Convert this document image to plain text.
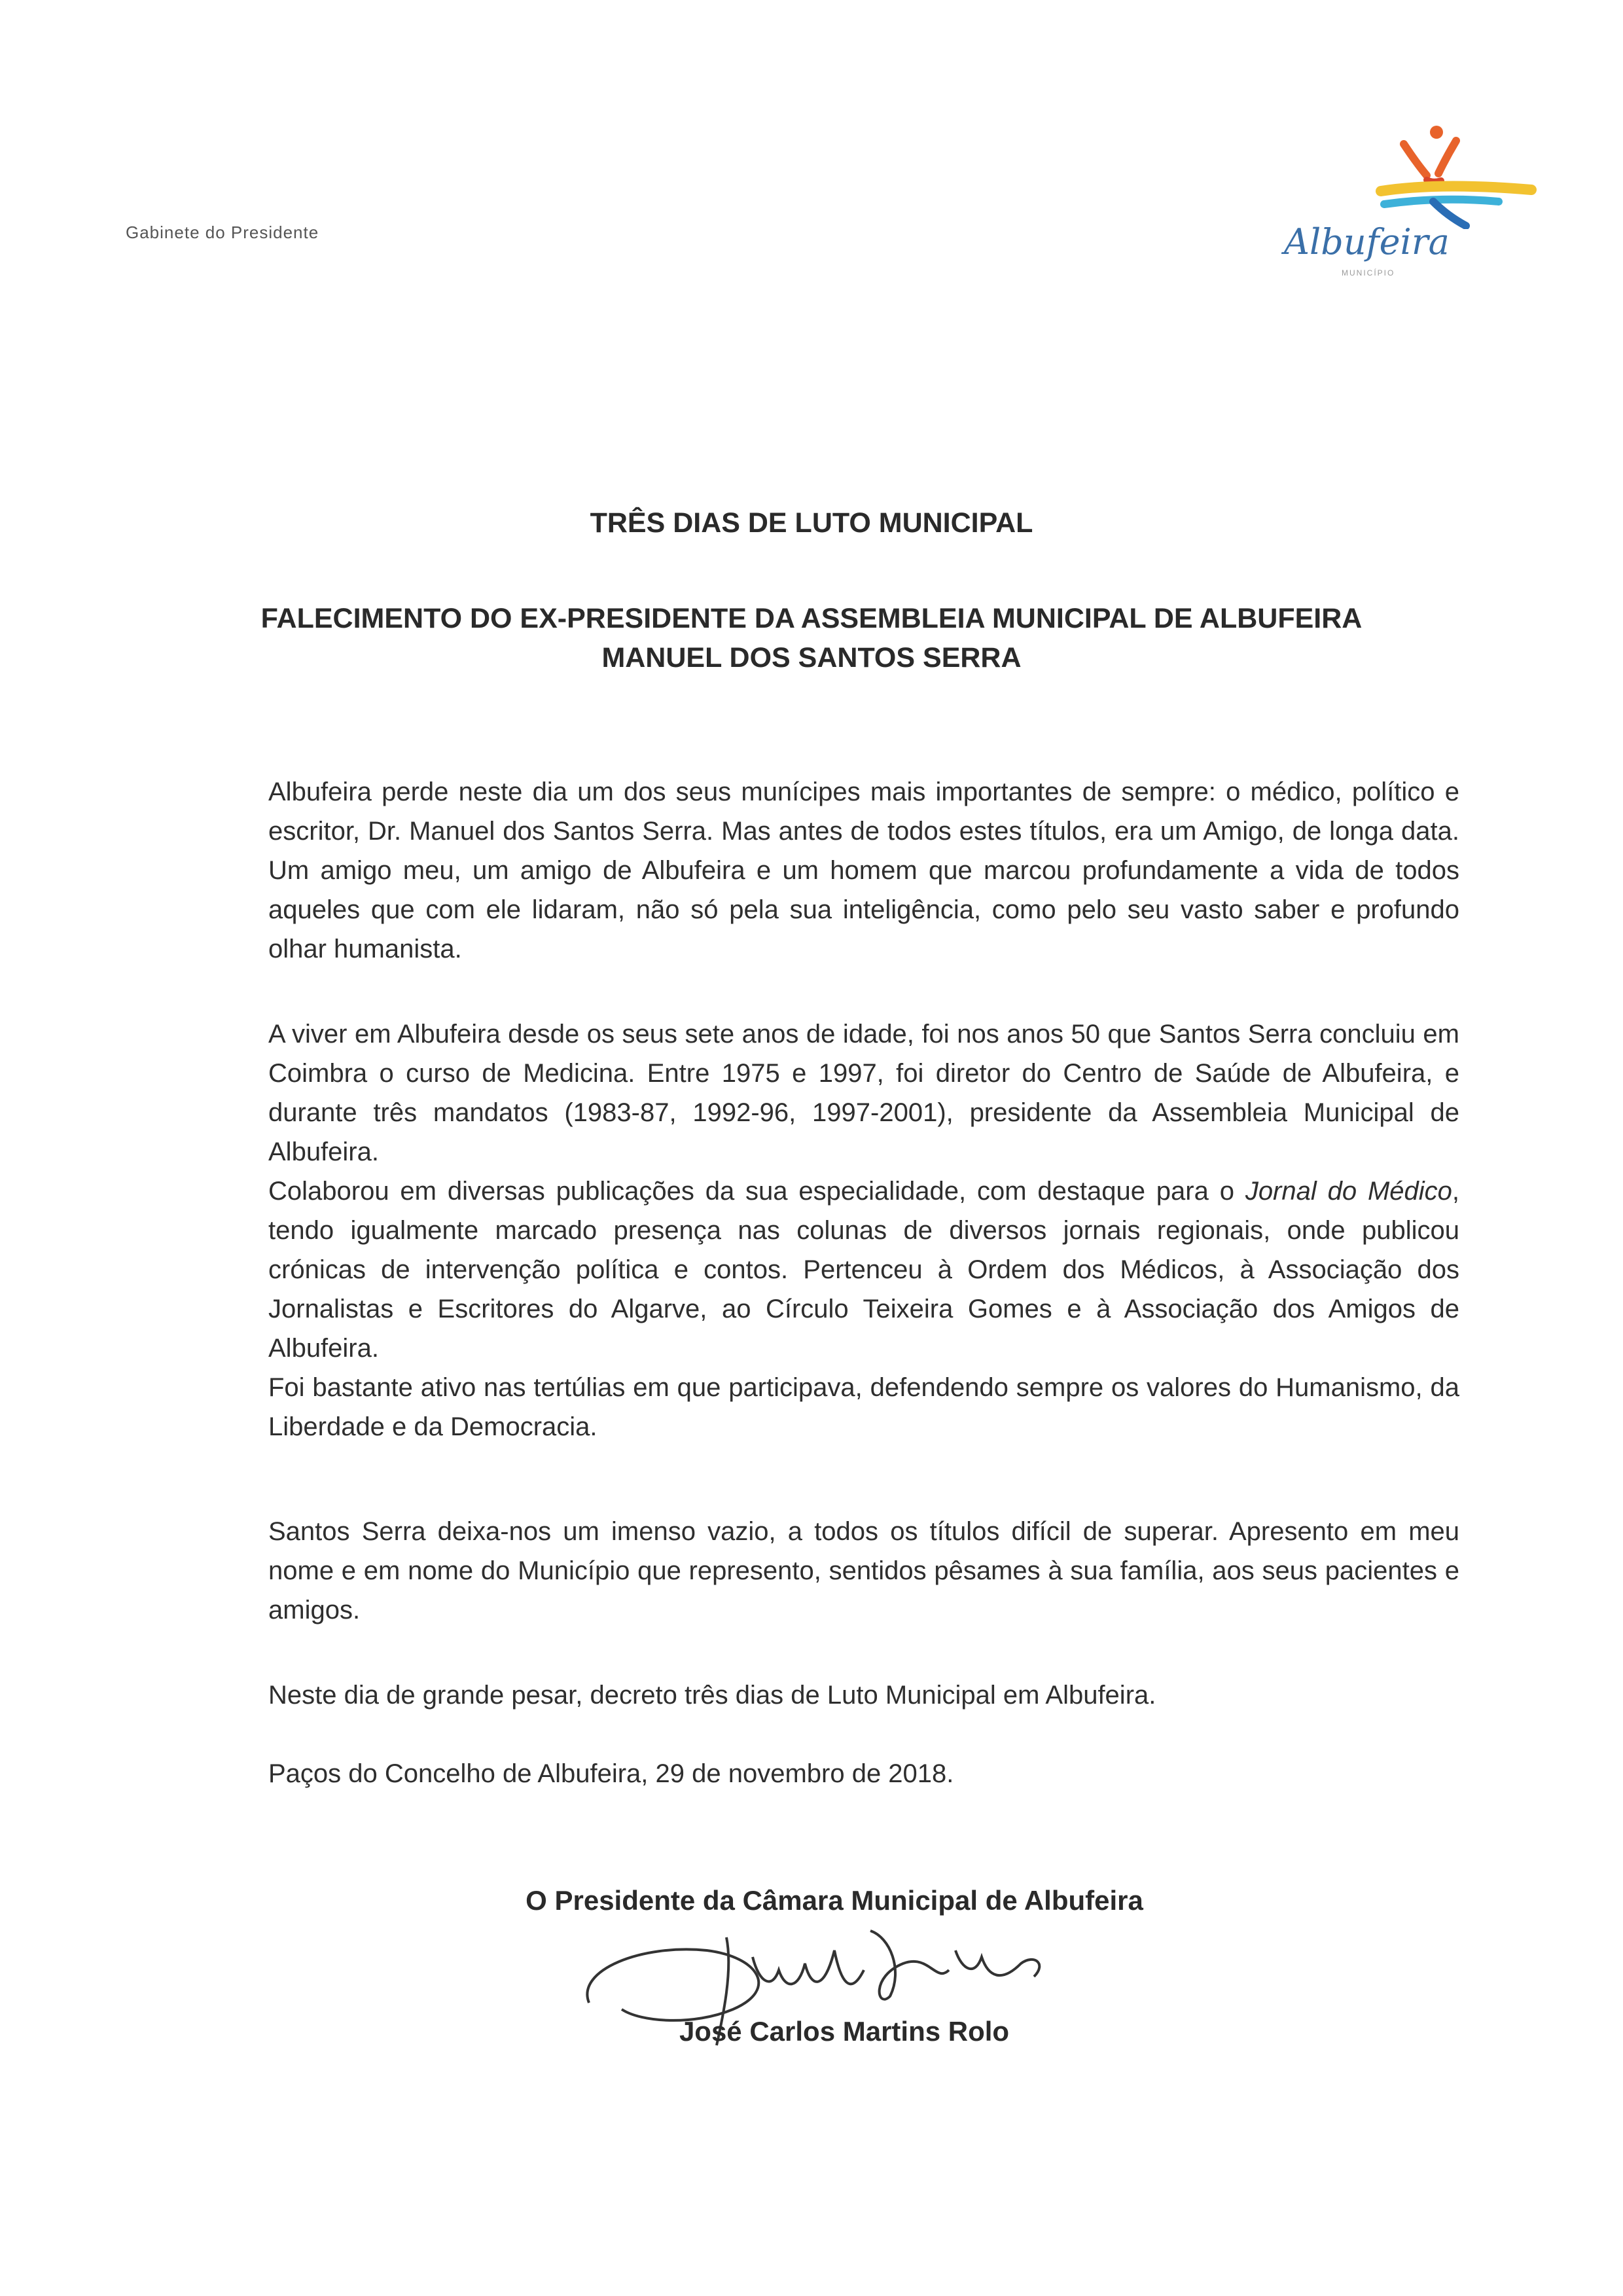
Gabinete do Presidente	Albufeira
MUNICÍPIO
TRÊS DIAS DE LUTO MUNICIPAL
FALECIMENTO DO EX-PRESIDENTE DA ASSEMBLEIA MUNICIPAL DE ALBUFEIRA
MANUEL DOS SANTOS SERRA

Albufeira perde neste dia um dos seus munícipes mais importantes de sempre: o médico, político e escritor, Dr. Manuel dos Santos Serra. Mas antes de todos estes títulos, era um Amigo, de longa data. Um amigo meu, um amigo de Albufeira e um homem que marcou profundamente a vida de todos aqueles que com ele lidaram, não só pela sua inteligência, como pelo seu vasto saber e profundo olhar humanista.

A viver em Albufeira desde os seus sete anos de idade, foi nos anos 50 que Santos Serra concluiu em Coimbra o curso de Medicina. Entre 1975 e 1997, foi diretor do Centro de Saúde de Albufeira, e durante três mandatos (1983-87, 1992-96, 1997-2001), presidente da Assembleia Municipal de Albufeira.

Colaborou em diversas publicações da sua especialidade, com destaque para o Jornal do Médico, tendo igualmente marcado presença nas colunas de diversos jornais regionais, onde publicou crónicas de intervenção política e contos. Pertenceu à Ordem dos Médicos, à Associação dos Jornalistas e Escritores do Algarve, ao Círculo Teixeira Gomes e à Associação dos Amigos de Albufeira.

Foi bastante ativo nas tertúlias em que participava, defendendo sempre os valores do Humanismo, da Liberdade e da Democracia.

Santos Serra deixa-nos um imenso vazio, a todos os títulos difícil de superar. Apresento em meu nome e em nome do Município que represento, sentidos pêsames à sua família, aos seus pacientes e amigos.

Neste dia de grande pesar, decreto três dias de Luto Municipal em Albufeira.

Paços do Concelho de Albufeira, 29 de novembro de 2018.

O Presidente da Câmara Municipal de Albufeira
José Carlos Martins Rolo
